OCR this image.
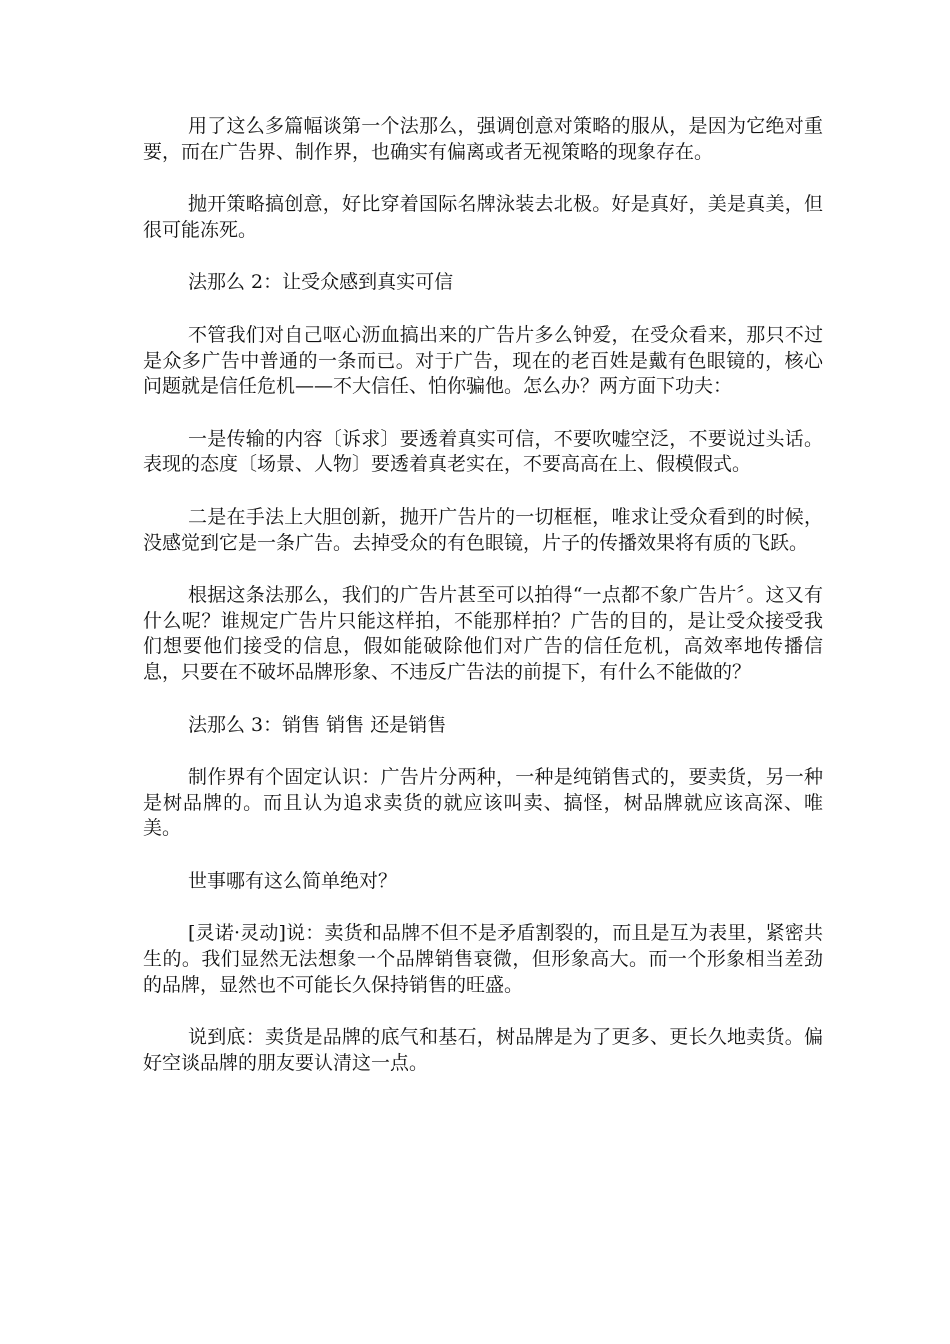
用了这么多篇幅谈第一个法那么，强调创意对策略的服从，是因为它绝对重要，而在广告界、制作界，也确实有偏离或者无视策略的现象存在。

抛开策略搞创意，好比穿着国际名牌泳装去北极。好是真好，美是真美，但很可能冻死。

法那么 2：让受众感到真实可信

不管我们对自己呕心沥血搞出来的广告片多么钟爱，在受众看来，那只不过是众多广告中普通的一条而已。对于广告，现在的老百姓是戴有色眼镜的，核心问题就是信任危机——不大信任、怕你骗他。怎么办？两方面下功夫：

一是传输的内容〔诉求〕要透着真实可信，不要吹嘘空泛，不要说过头话。表现的态度〔场景、人物〕要透着真老实在，不要高高在上、假模假式。

二是在手法上大胆创新，抛开广告片的一切框框，唯求让受众看到的时候，没感觉到它是一条广告。去掉受众的有色眼镜，片子的传播效果将有质的飞跃。

根据这条法那么，我们的广告片甚至可以拍得“一点都不象广告片〞。这又有什么呢？谁规定广告片只能这样拍，不能那样拍？广告的目的，是让受众接受我们想要他们接受的信息，假如能破除他们对广告的信任危机，高效率地传播信息，只要在不破坏品牌形象、不违反广告法的前提下，有什么不能做的？

法那么 3：销售 销售 还是销售

制作界有个固定认识：广告片分两种，一种是纯销售式的，要卖货，另一种是树品牌的。而且认为追求卖货的就应该叫卖、搞怪，树品牌就应该高深、唯美。

世事哪有这么简单绝对？

[灵诺·灵动]说：卖货和品牌不但不是矛盾割裂的，而且是互为表里，紧密共生的。我们显然无法想象一个品牌销售衰微，但形象高大。而一个形象相当差劲的品牌，显然也不可能长久保持销售的旺盛。

说到底：卖货是品牌的底气和基石，树品牌是为了更多、更长久地卖货。偏好空谈品牌的朋友要认清这一点。
